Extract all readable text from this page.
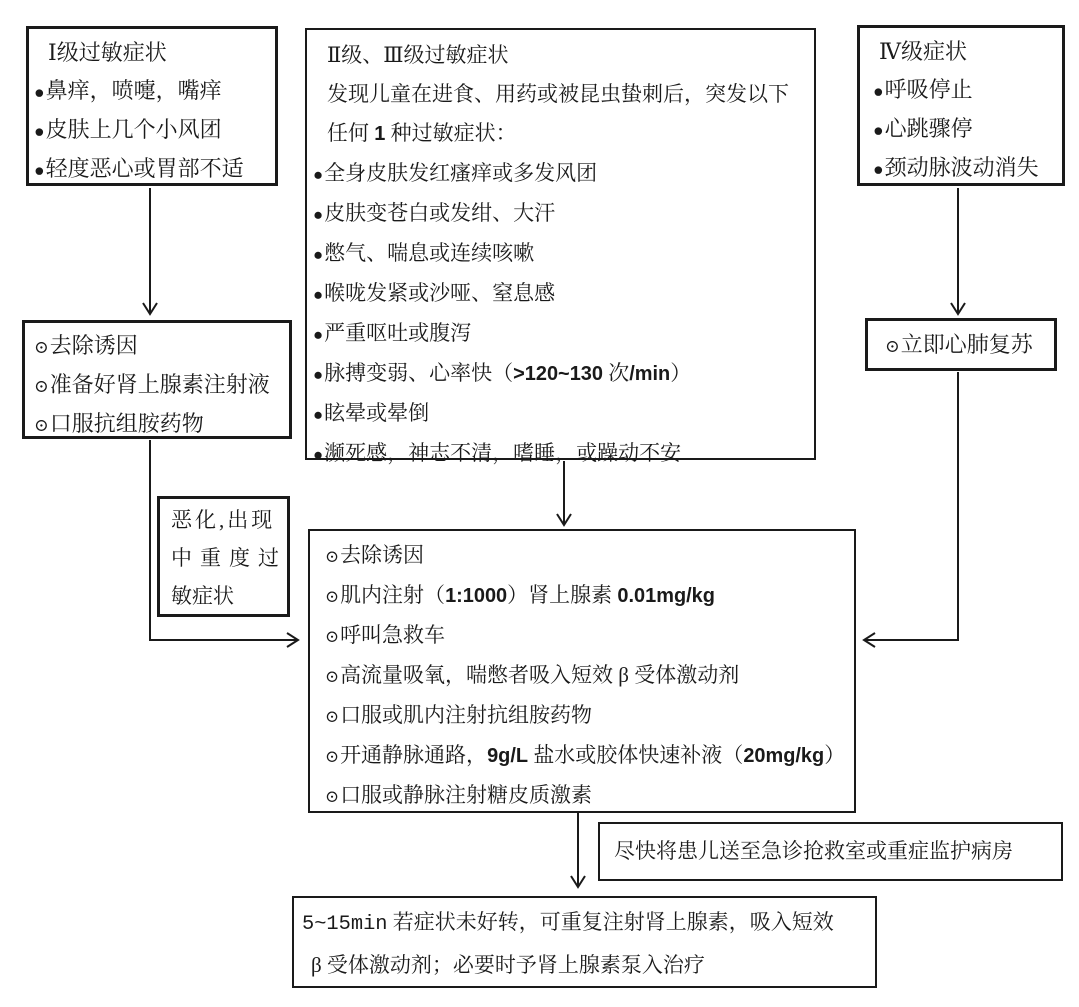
Ⅰ级过敏症状
●鼻痒，喷嚏，嘴痒
●皮肤上几个小风团
●轻度恶心或胃部不适
Ⅱ级、Ⅲ级过敏症状
发现儿童在进食、用药或被昆虫蛰刺后，突发以下
任何 1 种过敏症状：
●全身皮肤发红瘙痒或多发风团
●皮肤变苍白或发绀、大汗
●憋气、喘息或连续咳嗽
●喉咙发紧或沙哑、窒息感
●严重呕吐或腹泻
●脉搏变弱、心率快（>120~130 次/min）
●眩晕或晕倒
●濒死感，神志不清，嗜睡，或躁动不安
Ⅳ级症状
●呼吸停止
●心跳骤停
●颈动脉波动消失
⊙去除诱因
⊙准备好肾上腺素注射液
⊙口服抗组胺药物
⊙立即心肺复苏
恶化,出现
中重度过
敏症状
⊙去除诱因
⊙肌内注射（1:1000）肾上腺素 0.01mg/kg
⊙呼叫急救车
⊙高流量吸氧，喘憋者吸入短效 β 受体激动剂
⊙口服或肌内注射抗组胺药物
⊙开通静脉通路，9g/L 盐水或胶体快速补液（20mg/kg）
⊙口服或静脉注射糖皮质激素
尽快将患儿送至急诊抢救室或重症监护病房
5~15min 若症状未好转，可重复注射肾上腺素，吸入短效
β 受体激动剂；必要时予肾上腺素泵入治疗
